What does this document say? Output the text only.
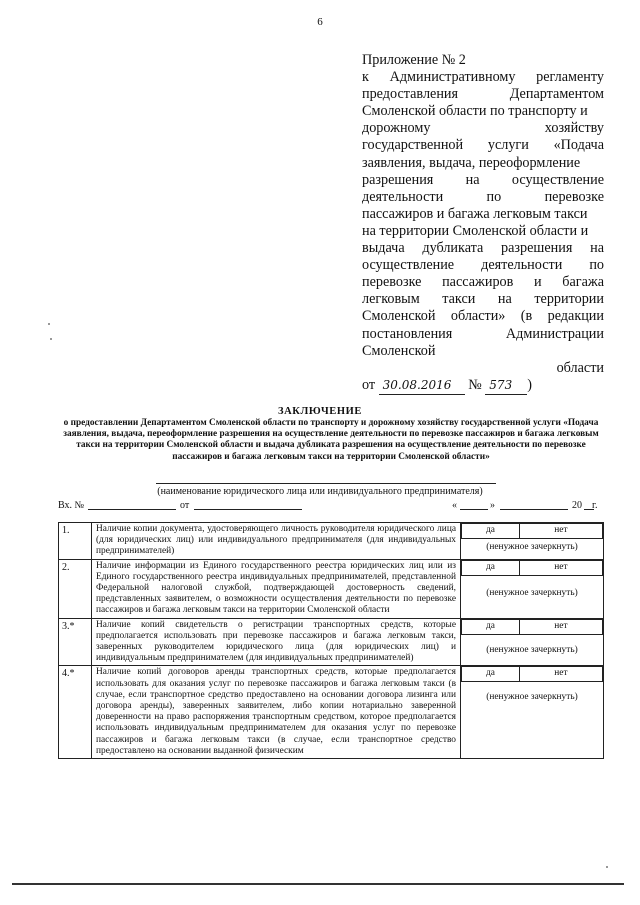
6
Приложение № 2
к Административному регламенту
предоставления Департаментом
Смоленской области по транспорту и
дорожному хозяйству
государственной услуги «Подача
заявления, выдача, переоформление
разрешения на осуществление
деятельности по перевозке
пассажиров и багажа легковым такси
на территории Смоленской области и
выдача дубликата разрешения на
осуществление деятельности по
перевозке пассажиров и багажа
легковым такси на территории
Смоленской области» (в редакции
постановления Администрации
Смоленской
области
от 30.08.2016 № 573 )
ЗАКЛЮЧЕНИЕ
о предоставлении Департаментом Смоленской области по транспорту и дорожному хозяйству государственной услуги «Подача заявления, выдача, переоформление разрешения на осуществление деятельности по перевозке пассажиров и багажа легковым такси на территории Смоленской области и выдача дубликата разрешения на осуществление деятельности по перевозке пассажиров и багажа легковым такси на территории Смоленской области»
(наименование юридического лица или индивидуального предпринимателя)
Вх. №	от	«	»	20 г.
1.	Наличие копии документа, удостоверяющего личность руководителя юридического лица (для юридических лиц) или индивидуального предпринимателя (для индивидуальных предпринимателей)	
да	нет
(ненужное зачеркнуть)

2.	Наличие информации из Единого государственного реестра юридических лиц или из Единого государственного реестра индивидуальных предпринимателей, представленной Федеральной налоговой службой, подтверждающей достоверность сведений, представленных заявителем, о возможности осуществления деятельности по перевозке пассажиров и багажа легковым такси на территории Смоленской области	
да	нет
(ненужное зачеркнуть)

3.*	Наличие копий свидетельств о регистрации транспортных средств, которые предполагается использовать при перевозке пассажиров и багажа легковым такси, заверенных руководителем юридического лица (для юридических лиц) и индивидуальным предпринимателем (для индивидуальных предпринимателей)	
да	нет
(ненужное зачеркнуть)

4.*	Наличие копий договоров аренды транспортных средств, которые предполагается использовать для оказания услуг по перевозке пассажиров и багажа легковым такси (в случае, если транспортное средство предоставлено на основании договора лизинга или договора аренды), заверенных заявителем, либо копии нотариально заверенной доверенности на право распоряжения транспортным средством, которое предполагается использовать индивидуальным предпринимателем для оказания услуг по перевозке пассажиров и багажа легковым такси (в случае, если транспортное средство предоставлено на основании выданной физическим	
да	нет
(ненужное зачеркнуть)
